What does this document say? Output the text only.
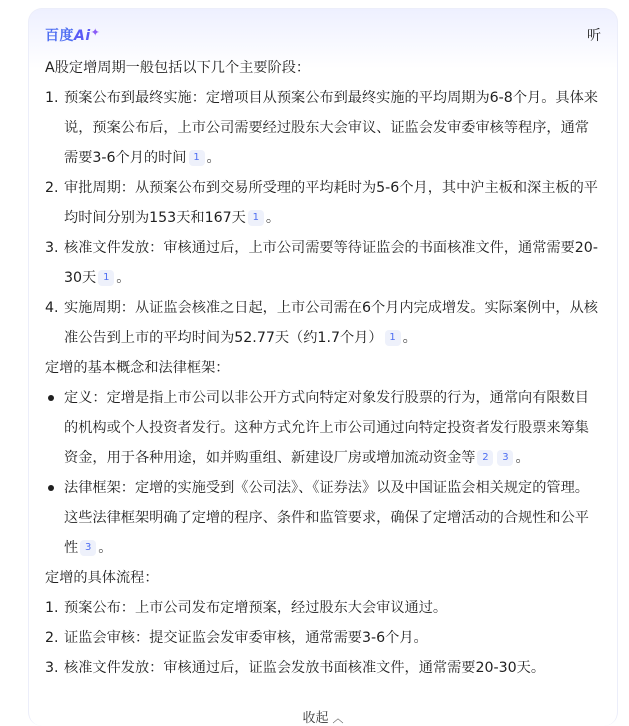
百度Ai✦	听

A股定增周期一般包括以下几个主要阶段：

1. 预案公布到最终实施：定增项目从预案公布到最终实施的平均周期为6-8个月。具体来说，预案公布后，上市公司需要经过股东大会审议、证监会发审委审核等程序，通常需要3-6个月的时间 1 。
2. 审批周期：从预案公布到交易所受理的平均耗时为5-6个月，其中沪主板和深主板的平均时间分别为153天和167天 1 。
3. 核准文件发放：审核通过后，上市公司需要等待证监会的书面核准文件，通常需要20-30天 1 。
4. 实施周期：从证监会核准之日起，上市公司需在6个月内完成增发。实际案例中，从核准公告到上市的平均时间为52.77天（约1.7个月） 1 。

定增的基本概念和法律框架：

定义：定增是指上市公司以非公开方式向特定对象发行股票的行为，通常向有限数目的机构或个人投资者发行。这种方式允许上市公司通过向特定投资者发行股票来筹集资金，用于各种用途，如并购重组、新建设厂房或增加流动资金等 2 3 。
法律框架：定增的实施受到《公司法》、《证券法》以及中国证监会相关规定的管理。这些法律框架明确了定增的程序、条件和监管要求，确保了定增活动的合规性和公平性 3 。

定增的具体流程：

1. 预案公布：上市公司发布定增预案，经过股东大会审议通过。
2. 证监会审核：提交证监会发审委审核，通常需要3-6个月。
3. 核准文件发放：审核通过后，证监会发放书面核准文件，通常需要20-30天。
收起 ︿
